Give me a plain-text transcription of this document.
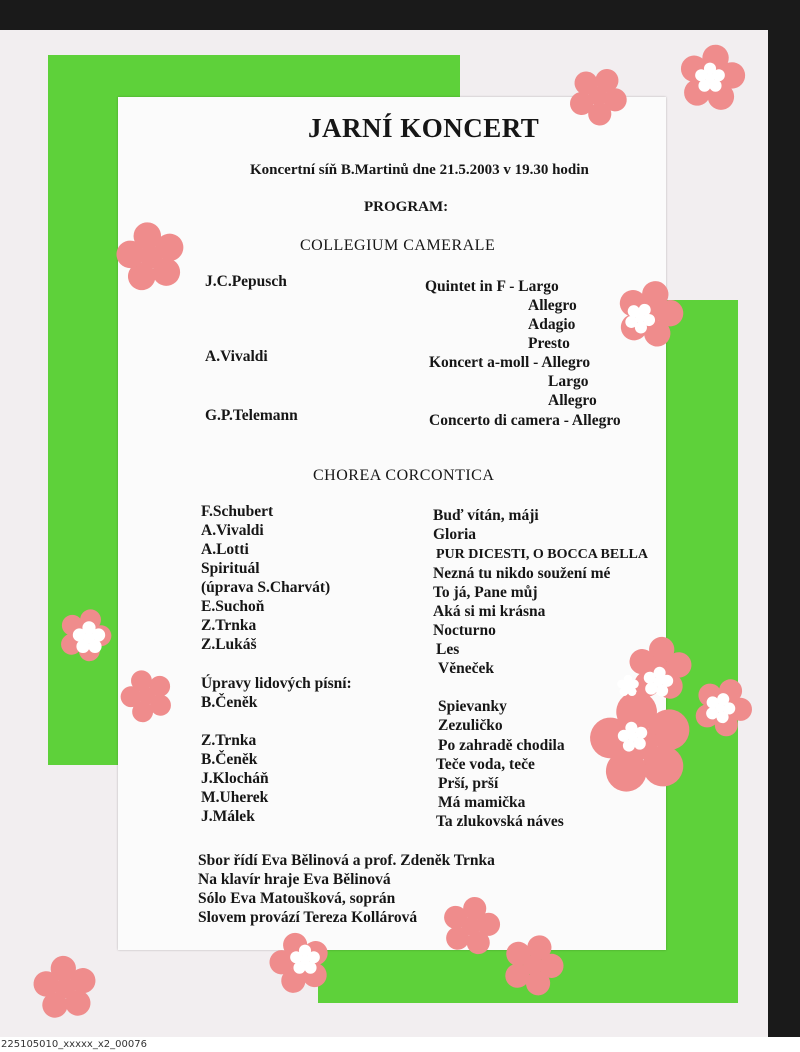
JARNÍ KONCERT
Koncertní síň B.Martinů dne 21.5.2003 v 19.30 hodin
PROGRAM:
COLLEGIUM CAMERALE
J.C.Pepusch
A.Vivaldi
G.P.Telemann
Quintet in F - Largo
Allegro
Adagio
Presto
Koncert a-moll - Allegro
Largo
Allegro
Concerto di camera - Allegro
CHOREA CORCONTICA
F.Schubert
A.Vivaldi
A.Lotti
Spirituál
(úprava S.Charvát)
E.Suchoň
Z.Trnka
Z.Lukáš
Úpravy lidových písní:
B.Čeněk
Z.Trnka
B.Čeněk
J.Klocháň
M.Uherek
J.Málek
Buď vítán, máji
Gloria
PUR DICESTI, O BOCCA BELLA
Nezná tu nikdo soužení mé
To já, Pane můj
Aká si mi krásna
Nocturno
Les
Věneček
Spievanky
Zezuličko
Po zahradě chodila
Teče voda, teče
Prší, prší
Má mamička
Ta zlukovská náves
Sbor řídí Eva Bělinová a prof. Zdeněk Trnka
Na klavír hraje Eva Bělinová
Sólo Eva Matoušková, soprán
Slovem provází Tereza Kollárová
225105010_xxxxx_x2_00076
